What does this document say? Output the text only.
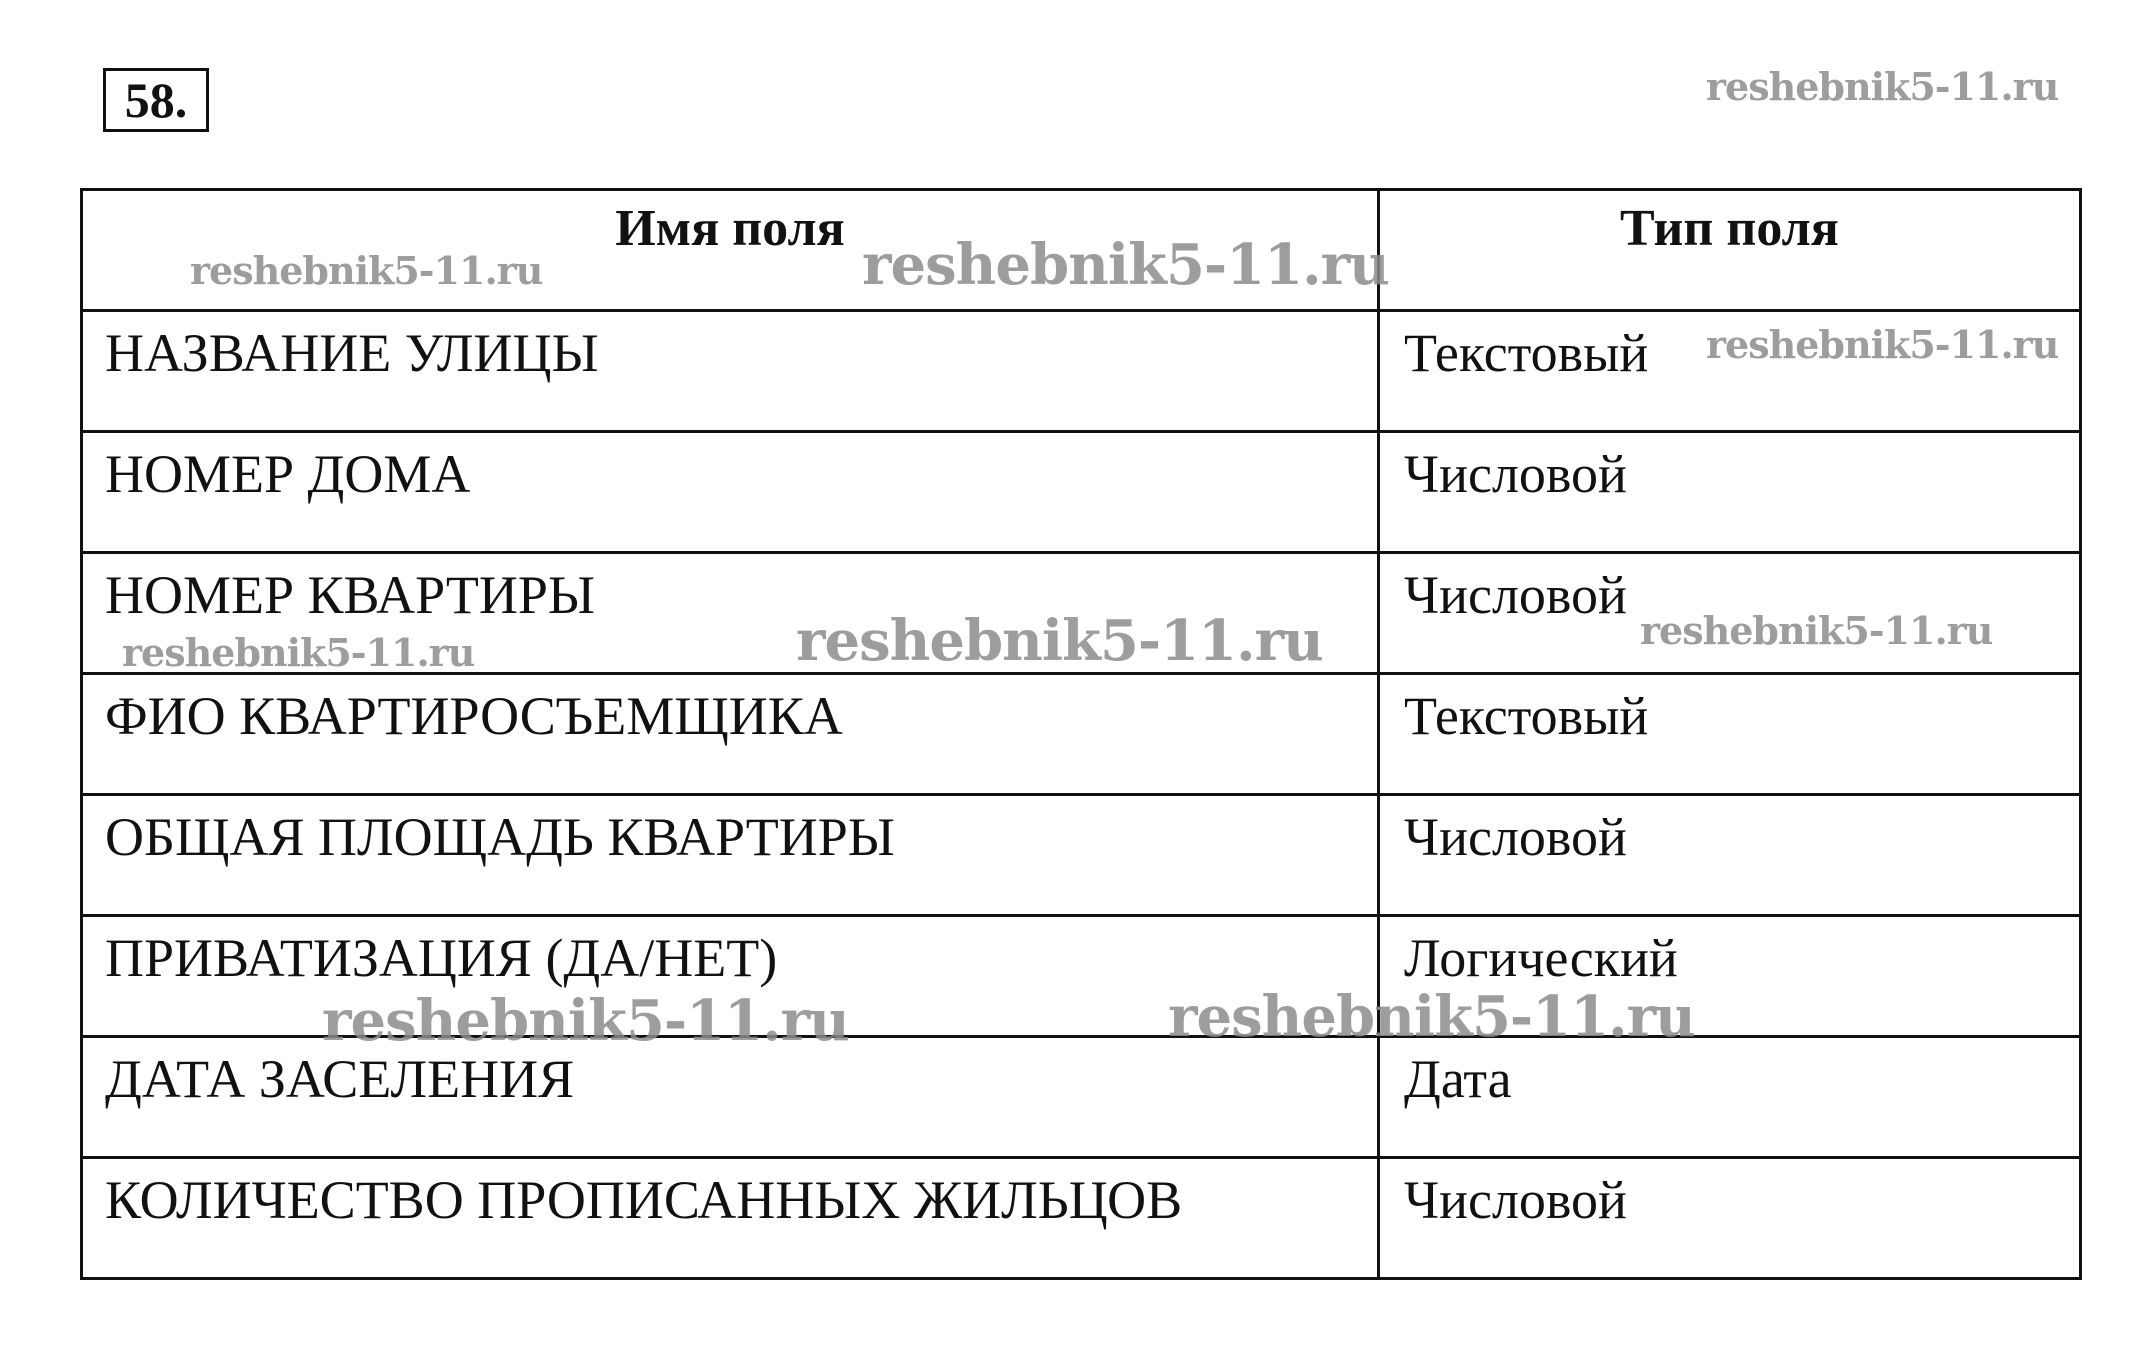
58.
Имя поля	Тип поля
НАЗВАНИЕ УЛИЦЫ	Текстовый
НОМЕР ДОМА	Числовой
НОМЕР КВАРТИРЫ	Числовой
ФИО КВАРТИРОСЪЕМЩИКА	Текстовый
ОБЩАЯ ПЛОЩАДЬ КВАРТИРЫ	Числовой
ПРИВАТИЗАЦИЯ (ДА/НЕТ)	Логический
ДАТА ЗАСЕЛЕНИЯ	Дата
КОЛИЧЕСТВО ПРОПИСАННЫХ ЖИЛЬЦОВ	Числовой
reshebnik5-11.ru
reshebnik5-11.ru	reshebnik5-11.ru
reshebnik5-11.ru
reshebnik5-11.ru	reshebnik5-11.ru	reshebnik5-11.ru
reshebnik5-11.ru	reshebnik5-11.ru
